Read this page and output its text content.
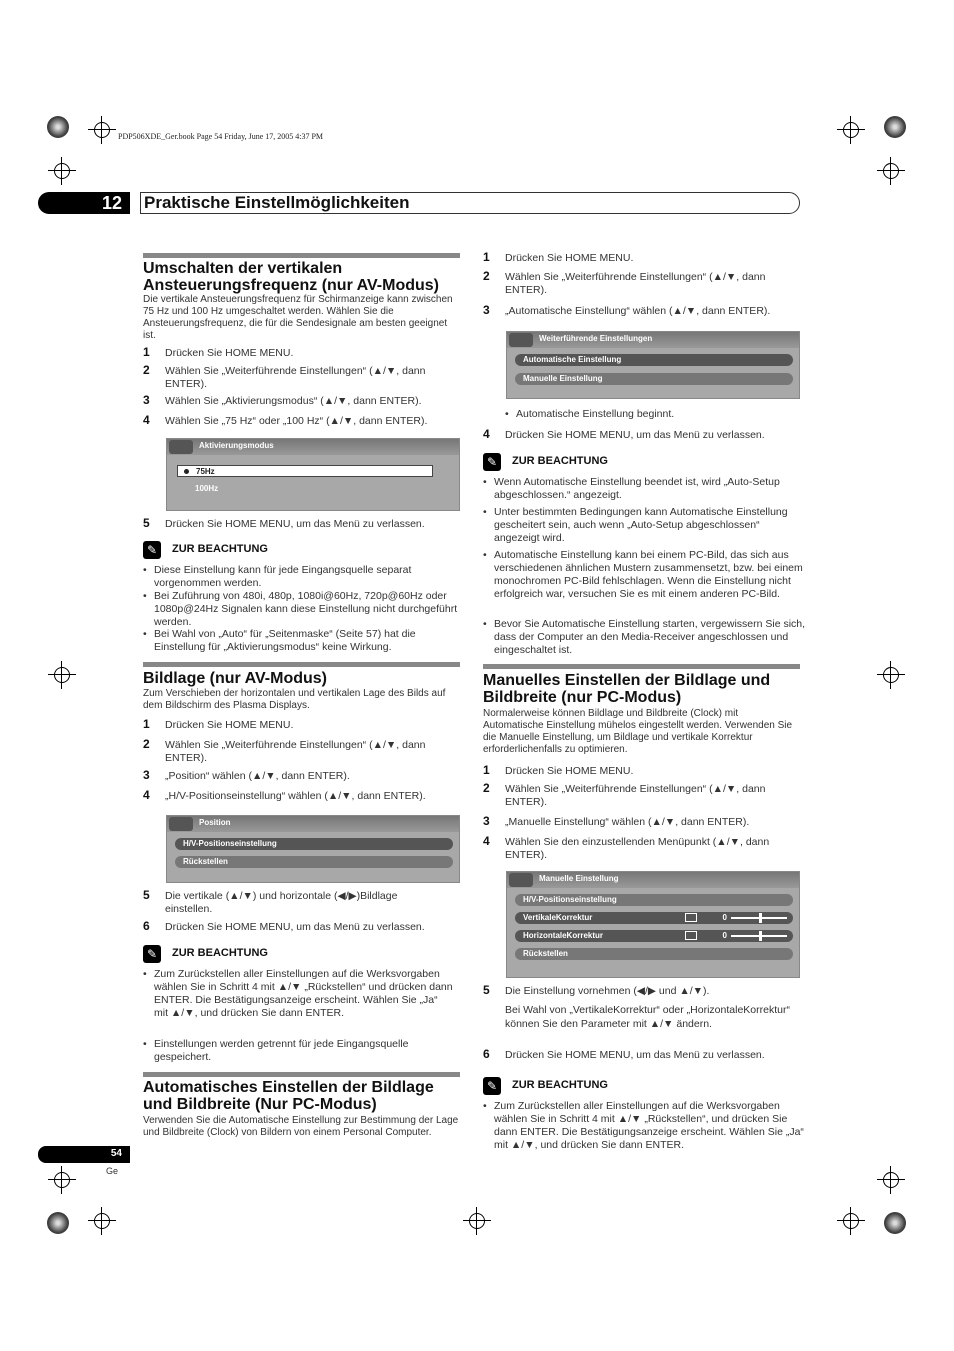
PDP506XDE_Ger.book Page 54 Friday, June 17, 2005 4:37 PM
12	Praktische Einstellmöglichkeiten
Umschalten der vertikalen Ansteuerungsfrequenz (nur AV-Modus)
Die vertikale Ansteuerungsfrequenz für Schirmanzeige kann zwischen 75 Hz und 100 Hz umgeschaltet werden. Wählen Sie die Ansteuerungsfrequenz, die für die Sendesignale am besten geeignet ist.
1 Drücken Sie HOME MENU.
2 Wählen Sie „Weiterführende Einstellungen“ (▲/▼, dann ENTER).
3 Wählen Sie „Aktivierungsmodus“ (▲/▼, dann ENTER).
4 Wählen Sie „75 Hz“ oder „100 Hz“ (▲/▼, dann ENTER).
Aktivierungsmodus
75Hz
100Hz
5 Drücken Sie HOME MENU, um das Menü zu verlassen.
✎	ZUR BEACHTUNG
• Diese Einstellung kann für jede Eingangsquelle separat vorgenommen werden.
• Bei Zuführung von 480i, 480p, 1080i@60Hz, 720p@60Hz oder 1080p@24Hz Signalen kann diese Einstellung nicht durchgeführt werden.
• Bei Wahl von „Auto“ für „Seitenmaske“ (Seite 57) hat die Einstellung für „Aktivierungsmodus“ keine Wirkung.
Bildlage (nur AV-Modus)
Zum Verschieben der horizontalen und vertikalen Lage des Bilds auf dem Bildschirm des Plasma Displays.
1 Drücken Sie HOME MENU.
2 Wählen Sie „Weiterführende Einstellungen“ (▲/▼, dann ENTER).
3 „Position“ wählen (▲/▼, dann ENTER).
4 „H/V-Positionseinstellung“ wählen (▲/▼, dann ENTER).
Position
H/V-Positionseinstellung
Rückstellen
5 Die vertikale (▲/▼) und horizontale (◀/▶)Bildlage einstellen.
6 Drücken Sie HOME MENU, um das Menü zu verlassen.
✎	ZUR BEACHTUNG
• Zum Zurückstellen aller Einstellungen auf die Werksvorgaben wählen Sie in Schritt 4 mit ▲/▼ „Rückstellen“ und drücken dann ENTER. Die Bestätigungsanzeige erscheint. Wählen Sie „Ja“ mit ▲/▼, und drücken Sie dann ENTER.
• Einstellungen werden getrennt für jede Eingangsquelle gespeichert.
Automatisches Einstellen der Bildlage und Bildbreite (Nur PC-Modus)
Verwenden Sie die Automatische Einstellung zur Bestimmung der Lage und Bildbreite (Clock) von Bildern von einem Personal Computer.
1 Drücken Sie HOME MENU.
2 Wählen Sie „Weiterführende Einstellungen“ (▲/▼, dann ENTER).
3 „Automatische Einstellung“ wählen (▲/▼, dann ENTER).
Weiterführende Einstellungen
Automatische Einstellung
Manuelle Einstellung
• Automatische Einstellung beginnt.
4 Drücken Sie HOME MENU, um das Menü zu verlassen.
✎	ZUR BEACHTUNG
• Wenn Automatische Einstellung beendet ist, wird „Auto-Setup abgeschlossen.“ angezeigt.
• Unter bestimmten Bedingungen kann Automatische Einstellung gescheitert sein, auch wenn „Auto-Setup abgeschlossen“ angezeigt wird.
• Automatische Einstellung kann bei einem PC-Bild, das sich aus verschiedenen ähnlichen Mustern zusammensetzt, bzw. bei einem monochromen PC-Bild fehlschlagen. Wenn die Einstellung nicht erfolgreich war, versuchen Sie es mit einem anderen PC-Bild.
• Bevor Sie Automatische Einstellung starten, vergewissern Sie sich, dass der Computer an den Media-Receiver angeschlossen und eingeschaltet ist.
Manuelles Einstellen der Bildlage und Bildbreite (nur PC-Modus)
Normalerweise können Bildlage und Bildbreite (Clock) mit Automatische Einstellung mühelos eingestellt werden. Verwenden Sie die Manuelle Einstellung, um Bildlage und vertikale Korrektur erforderlichenfalls zu optimieren.
1 Drücken Sie HOME MENU.
2 Wählen Sie „Weiterführende Einstellungen“ (▲/▼, dann ENTER).
3 „Manuelle Einstellung“ wählen (▲/▼, dann ENTER).
4 Wählen Sie den einzustellenden Menüpunkt (▲/▼, dann ENTER).
Manuelle Einstellung
H/V-Positionseinstellung
VertikaleKorrektur	0
HorizontaleKorrektur	0
Rückstellen
5 Die Einstellung vornehmen (◀/▶ und ▲/▼).
Bei Wahl von „VertikaleKorrektur“ oder „HorizontaleKorrektur“ können Sie den Parameter mit ▲/▼ ändern.
6 Drücken Sie HOME MENU, um das Menü zu verlassen.
✎	ZUR BEACHTUNG
• Zum Zurückstellen aller Einstellungen auf die Werksvorgaben wählen Sie in Schritt 4 mit ▲/▼ „Rückstellen“, und drücken Sie dann ENTER. Die Bestätigungsanzeige erscheint. Wählen Sie „Ja“ mit ▲/▼, und drücken Sie dann ENTER.
54
Ge
